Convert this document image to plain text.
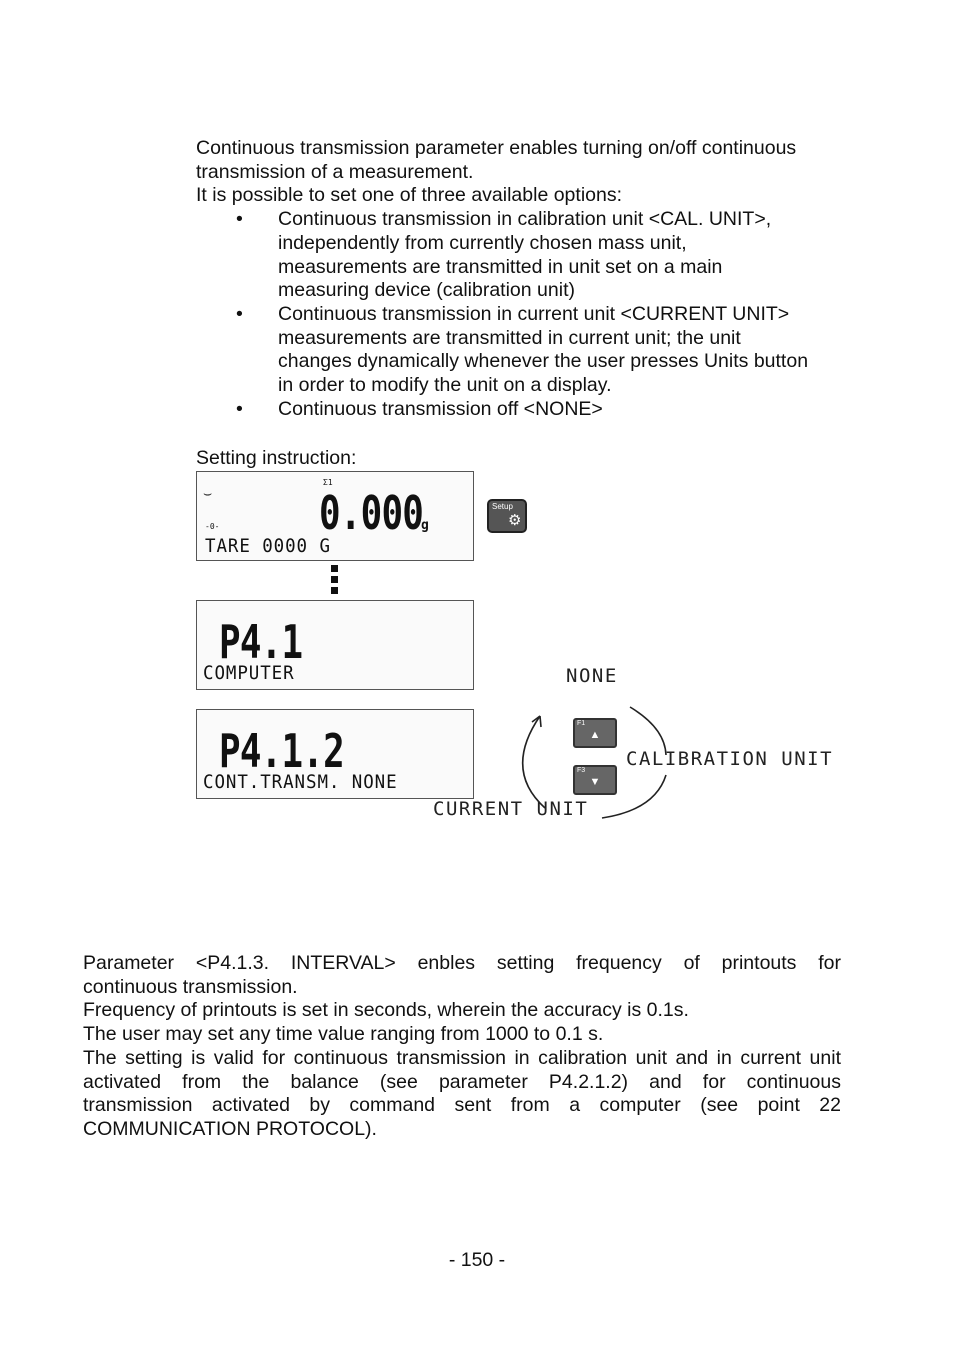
Continuous transmission parameter enables turning on/off continuous
transmission of a measurement.
It is possible to set one of three available options:
• Continuous transmission in calibration unit <CAL. UNIT>,
independently from currently chosen mass unit,
measurements are transmitted in unit set on a main
measuring device (calibration unit)
• Continuous transmission in current unit <CURRENT UNIT>
measurements are transmitted in current unit; the unit
changes dynamically whenever the user presses Units button
in order to modify the unit on a display.
• Continuous transmission off <NONE>
Setting instruction:
⌣
-0-
Σ1
0.000
g
TARE 0000 G
Setup
⚙
P4.1
COMPUTER
P4.1.2
CONT.TRANSM. NONE
NONE
CALIBRATION UNIT
CURRENT UNIT
F1
▲
F3
▼
Parameter <P4.1.3. INTERVAL> enbles setting frequency of printouts for
continuous transmission.
Frequency of printouts is set in seconds, wherein the accuracy is 0.1s.
The user may set any time value ranging from 1000 to 0.1 s.
The setting is valid for continuous transmission in calibration unit and in current unit
activated from the balance (see parameter P4.2.1.2) and for continuous
transmission activated by command sent from a computer (see point 22
COMMUNICATION PROTOCOL).
- 150 -
